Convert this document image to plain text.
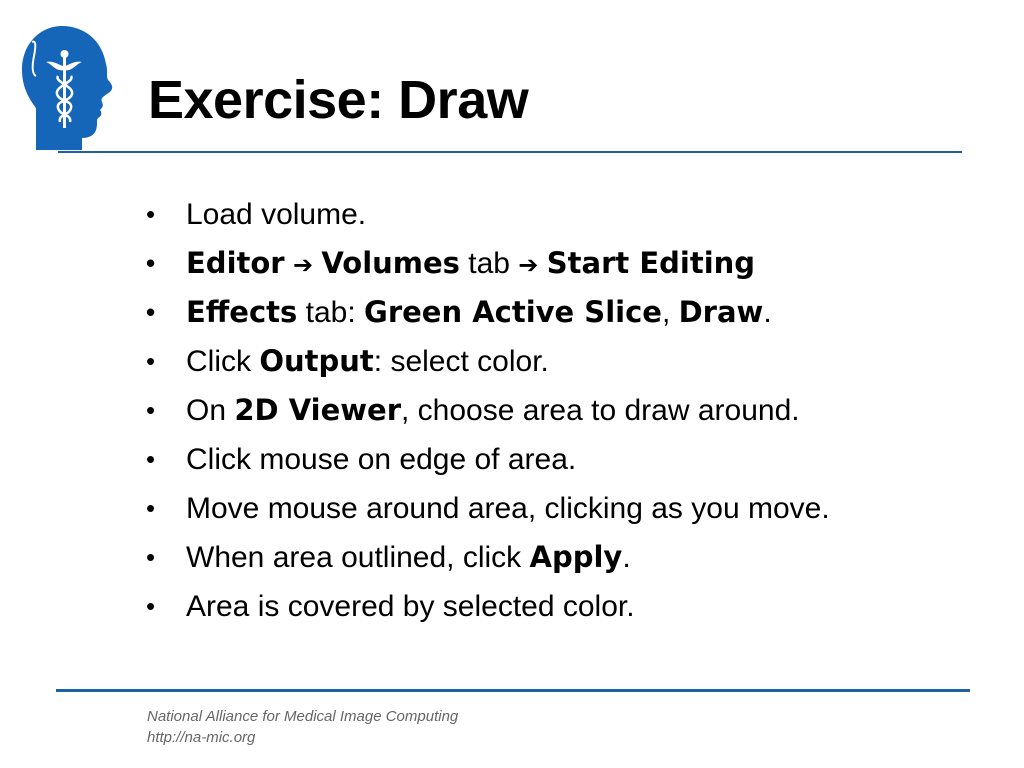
Exercise: Draw
• Load volume.
• Editor ➔ Volumes tab ➔ Start Editing
• Effects tab: Green Active Slice, Draw.
• Click Output: select color.
• On 2D Viewer, choose area to draw around.
• Click mouse on edge of area.
• Move mouse around area, clicking as you move.
• When area outlined, click Apply.
• Area is covered by selected color.
National Alliance for Medical Image Computing
http://na-mic.org
